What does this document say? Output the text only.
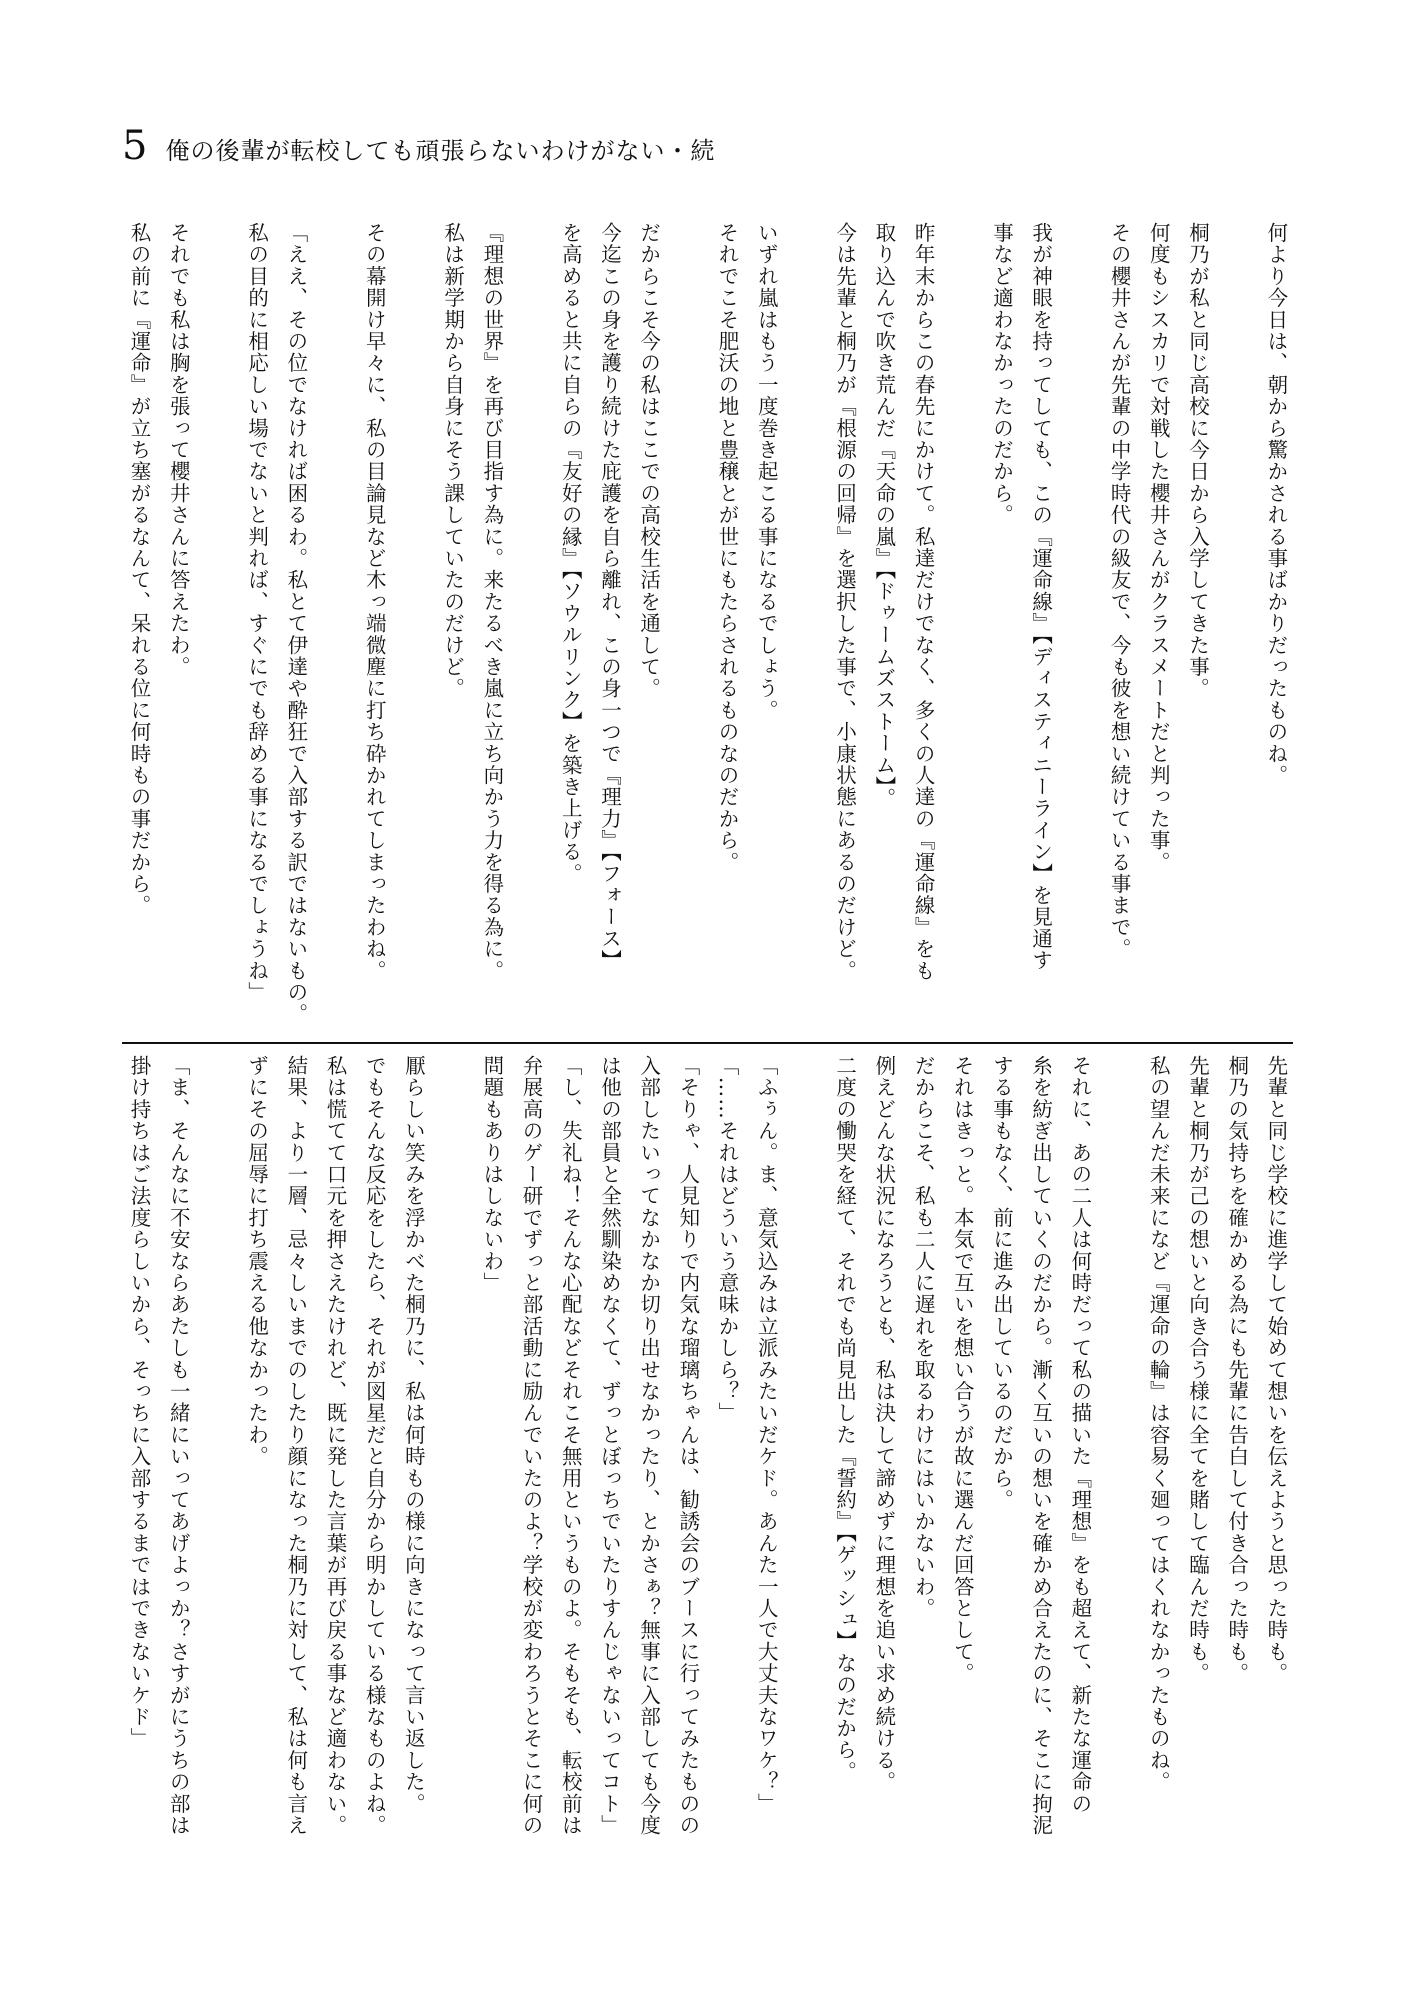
5 俺の後輩が転校しても頑張らないわけがない・続
何より今日は、朝から驚かされる事ばかりだったものね。
桐乃が私と同じ高校に今日から入学してきた事。
何度もシスカリで対戦した櫻井さんがクラスメートだと判った事。
その櫻井さんが先輩の中学時代の級友で、今も彼を想い続けている事まで。
我が神眼を持ってしても、この『運命線』【ディスティニーライン】を見通す
事など適わなかったのだから。
昨年末からこの春先にかけて。私達だけでなく、多くの人達の『運命線』をも
取り込んで吹き荒んだ『天命の嵐』【ドゥームズストーム】。
今は先輩と桐乃が『根源の回帰』を選択した事で、小康状態にあるのだけど。
いずれ嵐はもう一度巻き起こる事になるでしょう。
それでこそ肥沃の地と豊穣とが世にもたらされるものなのだから。
だからこそ今の私はここでの高校生活を通して。
今迄この身を護り続けた庇護を自ら離れ、この身一つで『理力』【フォース】
を高めると共に自らの『友好の縁』【ソウルリンク】を築き上げる。
『理想の世界』を再び目指す為に。来たるべき嵐に立ち向かう力を得る為に。
私は新学期から自身にそう課していたのだけど。
その幕開け早々に、私の目論見など木っ端微塵に打ち砕かれてしまったわね。
「ええ、その位でなければ困るわ。私とて伊達や酔狂で入部する訳ではないもの。
私の目的に相応しい場でないと判れば、すぐにでも辞める事になるでしょうね」
それでも私は胸を張って櫻井さんに答えたわ。
私の前に『運命』が立ち塞がるなんて、呆れる位に何時もの事だから。
先輩と同じ学校に進学して始めて想いを伝えようと思った時も。
桐乃の気持ちを確かめる為にも先輩に告白して付き合った時も。
先輩と桐乃が己の想いと向き合う様に全てを賭して臨んだ時も。
私の望んだ未来になど『運命の輪』は容易く廻ってはくれなかったものね。
それに、あの二人は何時だって私の描いた『理想』をも超えて、新たな運命の
糸を紡ぎ出していくのだから。漸く互いの想いを確かめ合えたのに、そこに拘泥
する事もなく、前に進み出しているのだから。
それはきっと。本気で互いを想い合うが故に選んだ回答として。
だからこそ、私も二人に遅れを取るわけにはいかないわ。
例えどんな状況になろうとも、私は決して諦めずに理想を追い求め続ける。
二度の慟哭を経て、それでも尚見出した『誓約』【ゲッシュ】なのだから。
「ふぅん。ま、意気込みは立派みたいだケド。あんた一人で大丈夫なワケ？」
「……それはどういう意味かしら？」
「そりゃ、人見知りで内気な瑠璃ちゃんは、勧誘会のブースに行ってみたものの
入部したいってなかなか切り出せなかったり、とかさぁ？無事に入部しても今度
は他の部員と全然馴染めなくて、ずっとぼっちでいたりすんじゃないってコト」
「し、失礼ね！そんな心配などそれこそ無用というものよ。そもそも、転校前は
弁展高のゲー研でずっと部活動に励んでいたのよ？学校が変わろうとそこに何の
問題もありはしないわ」
厭らしい笑みを浮かべた桐乃に、私は何時もの様に向きになって言い返した。
でもそんな反応をしたら、それが図星だと自分から明かしている様なものよね。
私は慌てて口元を押さえたけれど、既に発した言葉が再び戻る事など適わない。
結果、より一層、忌々しいまでのしたり顔になった桐乃に対して、私は何も言え
ずにその屈辱に打ち震える他なかったわ。
「ま、そんなに不安ならあたしも一緒にいってあげよっか？さすがにうちの部は
掛け持ちはご法度らしいから、そっちに入部するまではできないケド」
